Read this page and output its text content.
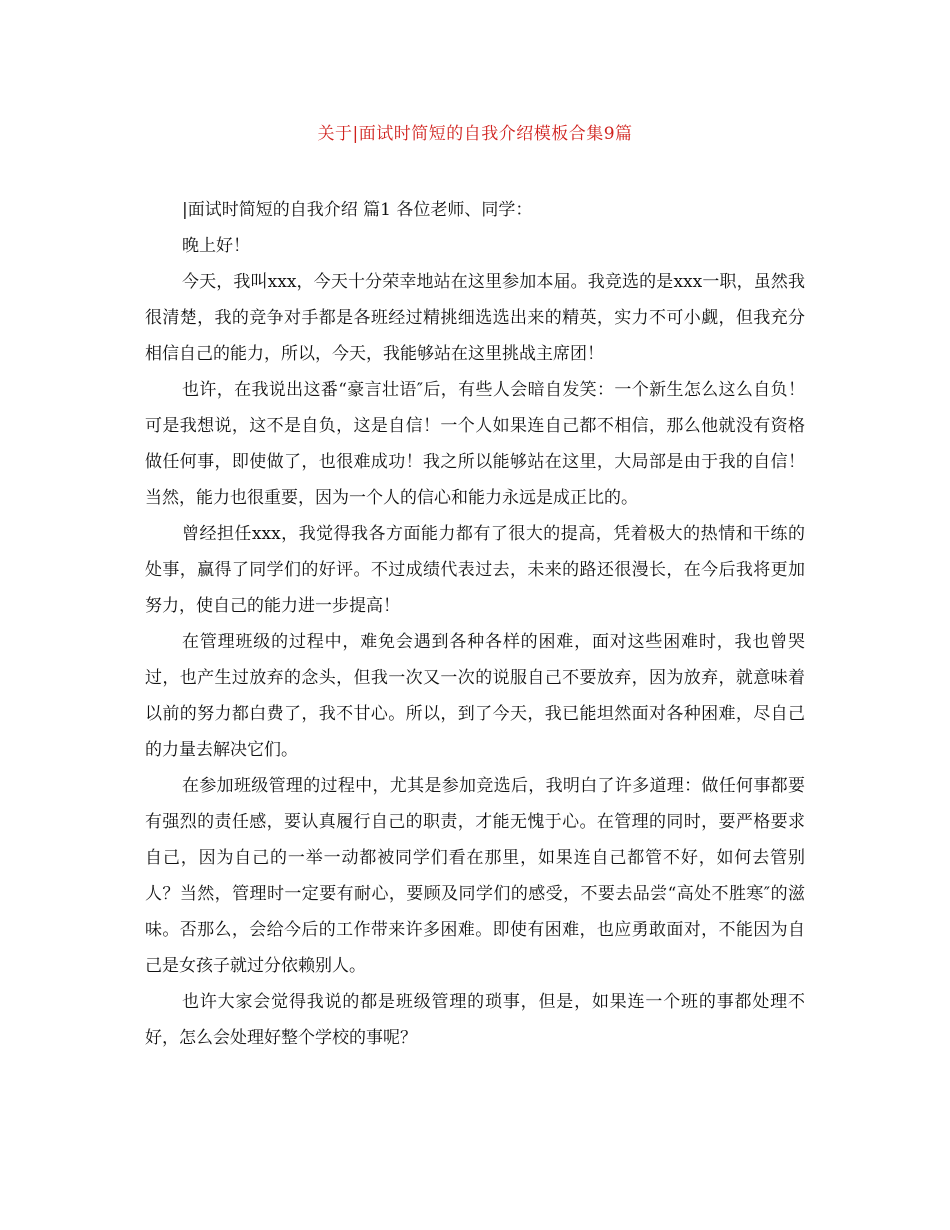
关于|面试时简短的自我介绍模板合集9篇

|面试时简短的自我介绍 篇1 各位老师、同学：

晚上好！

今天，我叫xxx，今天十分荣幸地站在这里参加本届。我竞选的是xxx一职，虽然我很清楚，我的竞争对手都是各班经过精挑细选选出来的精英，实力不可小觑，但我充分相信自己的能力，所以，今天，我能够站在这里挑战主席团！

也许，在我说出这番“豪言壮语″后，有些人会暗自发笑：一个新生怎么这么自负！可是我想说，这不是自负，这是自信！一个人如果连自己都不相信，那么他就没有资格做任何事，即使做了，也很难成功！我之所以能够站在这里，大局部是由于我的自信！当然，能力也很重要，因为一个人的信心和能力永远是成正比的。

曾经担任xxx，我觉得我各方面能力都有了很大的提高，凭着极大的热情和干练的处事，赢得了同学们的好评。不过成绩代表过去，未来的路还很漫长，在今后我将更加努力，使自己的能力进一步提高！

在管理班级的过程中，难免会遇到各种各样的困难，面对这些困难时，我也曾哭过，也产生过放弃的念头，但我一次又一次的说服自己不要放弃，因为放弃，就意味着以前的努力都白费了，我不甘心。所以，到了今天，我已能坦然面对各种困难，尽自己的力量去解决它们。

在参加班级管理的过程中，尤其是参加竞选后，我明白了许多道理：做任何事都要有强烈的责任感，要认真履行自己的职责，才能无愧于心。在管理的同时，要严格要求自己，因为自己的一举一动都被同学们看在那里，如果连自己都管不好，如何去管别人？当然，管理时一定要有耐心，要顾及同学们的感受，不要去品尝“高处不胜寒″的滋味。否那么，会给今后的工作带来许多困难。即使有困难，也应勇敢面对，不能因为自己是女孩子就过分依赖别人。

也许大家会觉得我说的都是班级管理的琐事，但是，如果连一个班的事都处理不好，怎么会处理好整个学校的事呢？
